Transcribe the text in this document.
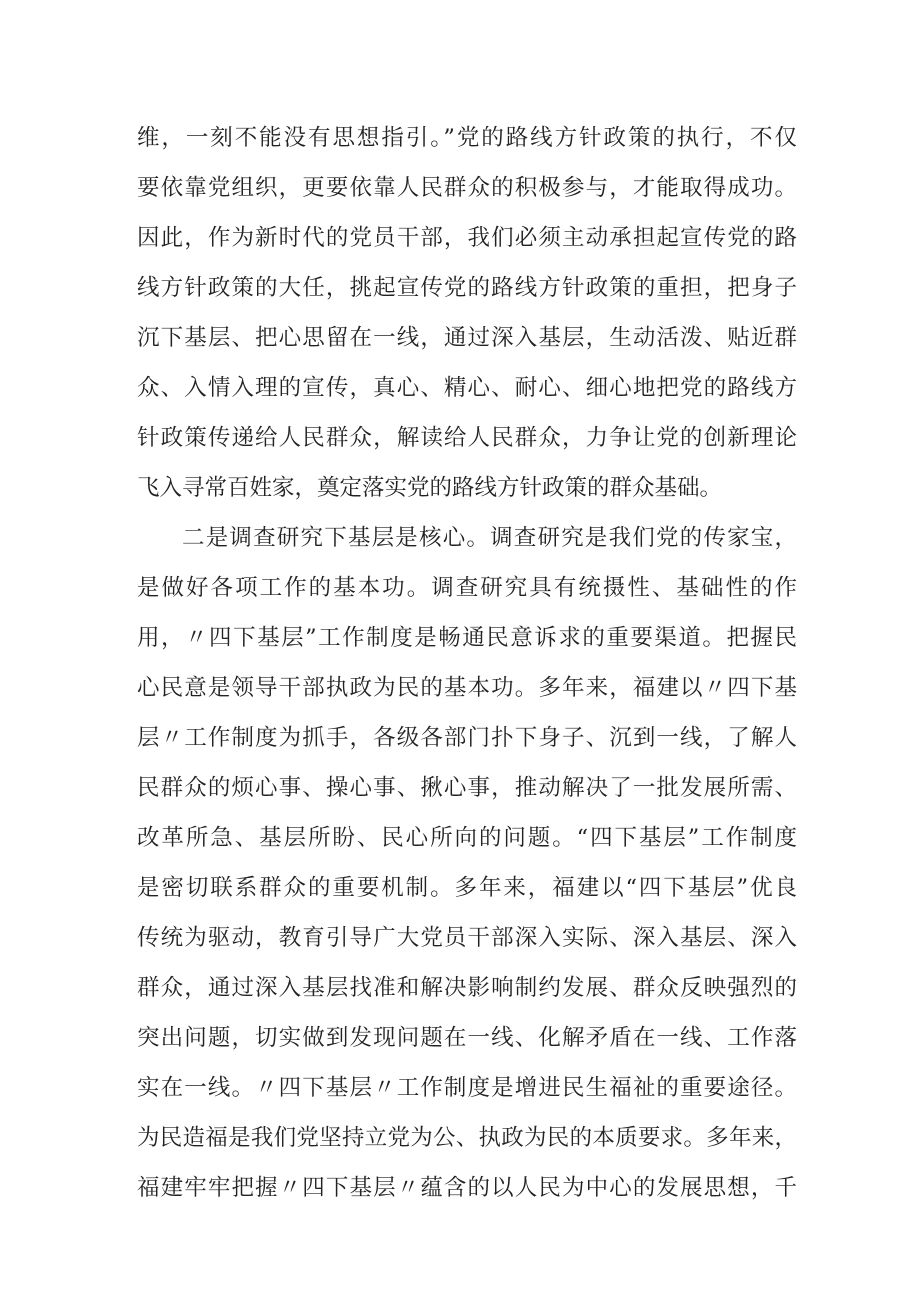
维，一刻不能没有思想指引。”党的路线方针政策的执行，不仅
要依靠党组织，更要依靠人民群众的积极参与，才能取得成功。
因此，作为新时代的党员干部，我们必须主动承担起宣传党的路
线方针政策的大任，挑起宣传党的路线方针政策的重担，把身子
沉下基层、把心思留在一线，通过深入基层，生动活泼、贴近群
众、入情入理的宣传，真心、精心、耐心、细心地把党的路线方
针政策传递给人民群众，解读给人民群众，力争让党的创新理论
飞入寻常百姓家，奠定落实党的路线方针政策的群众基础。
二是调查研究下基层是核心。调查研究是我们党的传家宝，
是做好各项工作的基本功。调查研究具有统摄性、基础性的作
用，〃四下基层”工作制度是畅通民意诉求的重要渠道。把握民
心民意是领导干部执政为民的基本功。多年来，福建以〃四下基
层〃工作制度为抓手，各级各部门扑下身子、沉到一线，了解人
民群众的烦心事、操心事、揪心事，推动解决了一批发展所需、
改革所急、基层所盼、民心所向的问题。“四下基层”工作制度
是密切联系群众的重要机制。多年来，福建以“四下基层”优良
传统为驱动，教育引导广大党员干部深入实际、深入基层、深入
群众，通过深入基层找准和解决影响制约发展、群众反映强烈的
突出问题，切实做到发现问题在一线、化解矛盾在一线、工作落
实在一线。〃四下基层〃工作制度是增进民生福祉的重要途径。
为民造福是我们党坚持立党为公、执政为民的本质要求。多年来，
福建牢牢把握〃四下基层〃蕴含的以人民为中心的发展思想，千
